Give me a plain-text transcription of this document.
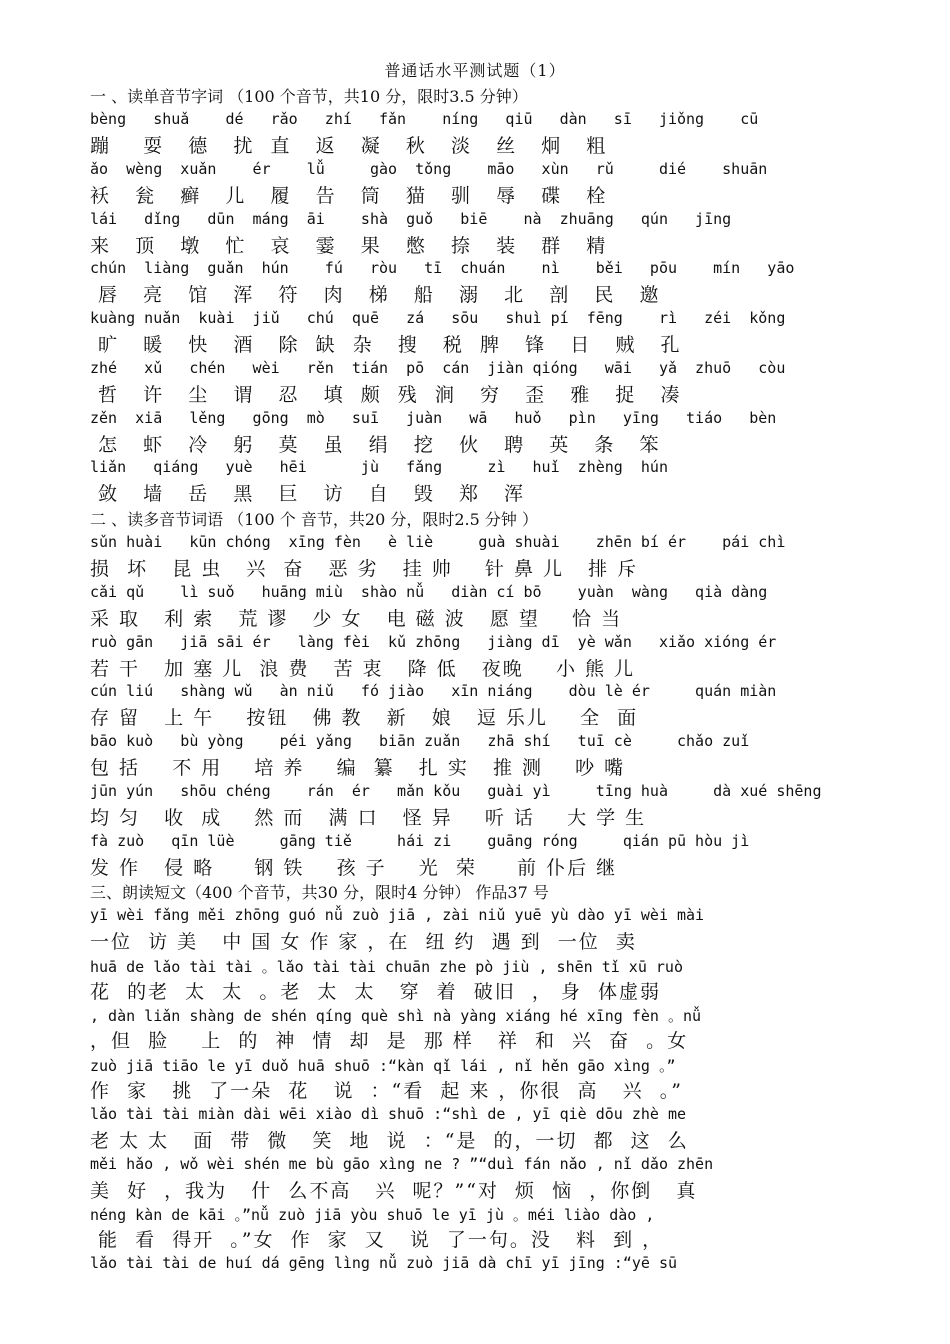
普通话水平测试题（1）
一 、读单音节字词 （100 个音节，共10 分，限时3.5 分钟）
bèng   shuǎ    dé   rǎo   zhí   fǎn    níng   qiū   dàn   sī   jiǒng    cū
蹦    耍   德   扰  直   返   凝   秋   淡   丝   炯   粗
ǎo  wèng  xuǎn    ér    lǚ     gào  tǒng    māo   xùn   rǔ     dié    shuān
袄   瓮   癣   儿   履   告   筒   猫   驯   辱   碟   栓
lái   dǐng   dūn  máng  āi    shà  guǒ   biē    nà  zhuāng   qún   jīng
来   顶   墩   忙   哀   霎   果   憋   捺   装   群   精
chún  liàng  guǎn  hún    fú   ròu   tī  chuán    nì    běi   pōu    mín   yāo
唇   亮   馆   浑   符   肉   梯   船   溺   北   剖   民   邀
kuàng nuǎn  kuài  jiǔ   chú  quē   zá   sōu   shuì pí  fēng    rì   zéi  kǒng
旷   暖   快   酒   除  缺  杂   搜   税  脾   锋   日   贼   孔
zhé   xǔ   chén   wèi   rěn  tián  pō  cán  jiàn qióng   wāi   yǎ  zhuō   còu
哲   许   尘   谓   忍   填  颇  残  涧   穷   歪   雅   捉   凑
zěn  xiā   lěng   gōng  mò   suī   juàn   wā   huǒ   pìn   yīng   tiáo   bèn
怎   虾   冷   躬   莫   虽   绢   挖   伙   聘   英   条   笨
liǎn   qiáng   yuè   hēi      jù   fǎng     zì   huǐ  zhèng  hún
敛   墙   岳   黑   巨   访   自   毁   郑   浑
二 、读多音节词语 （100 个 音节，共20 分，限时2.5 分钟 ）
sǔn huài   kūn chóng  xīng fèn   è liè     guà shuài    zhēn bí ér    pái chì
损  坏   昆 虫   兴  奋   恶 劣   挂 帅    针 鼻 儿   排 斥
cǎi qǔ    lì suǒ   huāng miù  shào nǚ   diàn cí bō    yuàn  wàng   qià dàng
采 取   利 索   荒 谬   少 女   电 磁 波   愿 望    恰 当
ruò gān   jiā sāi ér   làng fèi  kǔ zhōng   jiàng dī  yè wǎn   xiǎo xióng ér
若 干   加 塞 儿  浪 费   苦 衷   降 低   夜晚    小 熊 儿
cún liú   shàng wǔ   àn niǔ   fó jiào   xīn niáng    dòu lè ér     quán miàn
存 留   上 午    按钮   佛 教   新   娘   逗 乐儿    全  面
bāo kuò   bù yòng    péi yǎng   biān zuǎn   zhā shí   tuī cè     chǎo zuǐ
包 括    不 用    培 养    编  纂   扎 实   推 测    吵 嘴
jūn yún   shōu chéng    rán  ér   mǎn kǒu   guài yì     tīng huà     dà xué shēng
均 匀   收  成    然 而   满 口   怪 异    听 话    大 学 生
fà zuò   qīn lüè     gāng tiě     hái zi    guāng róng     qián pū hòu jì
发 作   侵 略     钢 铁    孩 子    光  荣     前 仆后 继
三、朗读短文（400 个音节，共30 分，限时4 分钟） 作品37 号
yī wèi fǎng měi zhōng guó nǚ zuò jiā , zài niǔ yuē yù dào yī wèi mài
一位  访 美   中 国 女 作 家 ，在  纽 约  遇 到  一位  卖
huā de lǎo tài tài 。lǎo tài tài chuān zhe pò jiù , shēn tǐ xū ruò
花  的老  太  太  。老  太  太   穿  着  破旧  ， 身  体虚弱
, dàn liǎn shàng de shén qíng què shì nà yàng xiáng hé xīng fèn 。nǚ
，但  脸    上  的  神  情  却  是  那 样   祥  和  兴  奋  。女
zuò jiā tiāo le yī duǒ huā shuō :“kàn qǐ lái , nǐ hěn gāo xìng 。”
作  家   挑  了一朵  花   说  ：“看  起 来 ，你很  高   兴  。”
lǎo tài tài miàn dài wēi xiào dì shuō :“shì de , yī qiè dōu zhè me
老 太 太   面  带  微   笑  地  说  ：“是  的，一切  都  这  么
měi hǎo , wǒ wèi shén me bù gāo xìng ne ? ”“duì fán nǎo , nǐ dǎo zhēn
美  好  ，我为   什  么不高   兴  呢？”“对  烦  恼  ，你倒   真
néng kàn de kāi 。”nǚ zuò jiā yòu shuō le yī jù 。méi liào dào ,
能  看  得开  。”女  作  家  又   说  了一句。没   料  到 ，
lǎo tài tài de huí dá gēng lìng nǚ zuò jiā dà chī yī jīng :“yē sū
